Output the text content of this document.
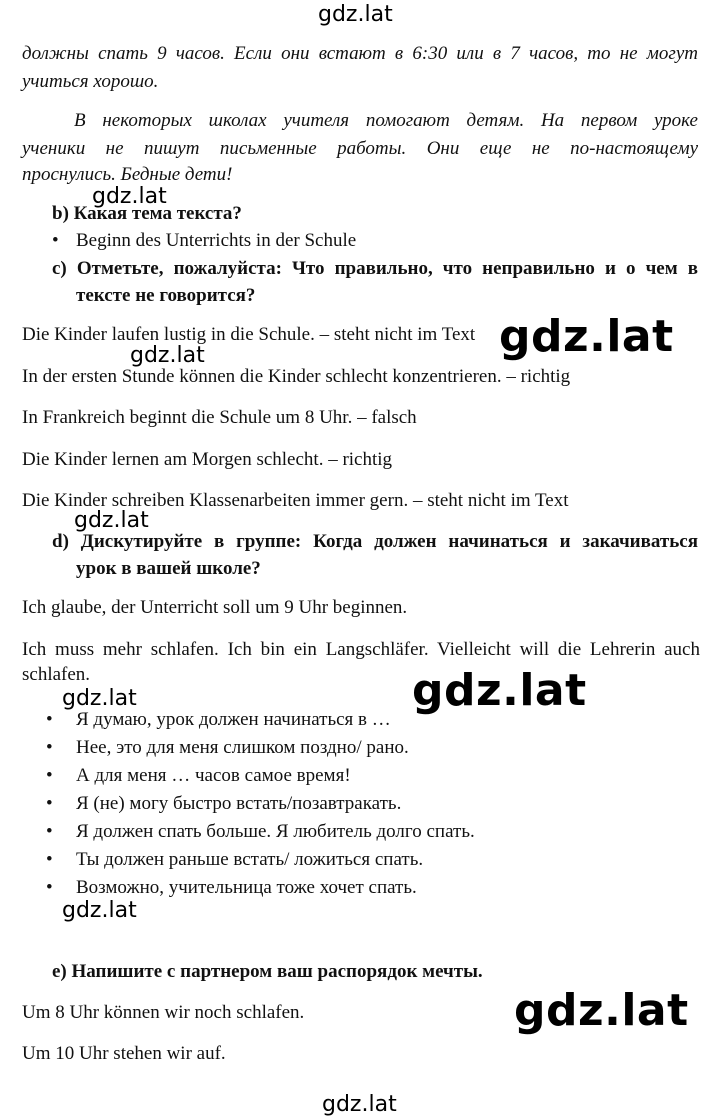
gdz.lat
должны спать 9 часов. Если они встают в 6:30 или в 7 часов, то не могут
учиться хорошо.
В некоторых школах учителя помогают детям. На первом уроке
ученики не пишут письменные работы. Они еще не по-настоящему
проснулись. Бедные дети!
gdz.lat
b) Какая тема текста?
• Beginn des Unterrichts in der Schule
c) Отметьте, пожалуйста: Что правильно, что неправильно и о чем в
тексте не говорится?
Die Kinder laufen lustig in die Schule. – steht nicht im Text gdz.lat
gdz.lat
In der ersten Stunde können die Kinder schlecht konzentrieren. – richtig
In Frankreich beginnt die Schule um 8 Uhr. – falsch
Die Kinder lernen am Morgen schlecht. – richtig
Die Kinder schreiben Klassenarbeiten immer gern. – steht nicht im Text
gdz.lat
d) Дискутируйте в группе: Когда должен начинаться и закачиваться
урок в вашей школе?
Ich glaube, der Unterricht soll um 9 Uhr beginnen.
Ich muss mehr schlafen. Ich bin ein Langschläfer. Vielleicht will die Lehrerin auch
schlafen.	gdz.lat
gdz.lat
• Я думаю, урок должен начинаться в …
• Нее, это для меня слишком поздно/ рано.
• А для меня … часов самое время!
• Я (не) могу быстро встать/позавтракать.
• Я должен спать больше. Я любитель долго спать.
• Ты должен раньше встать/ ложиться спать.
• Возможно, учительница тоже хочет спать.
gdz.lat
e) Напишите с партнером ваш распорядок мечты.
gdz.lat
Um 8 Uhr können wir noch schlafen.
Um 10 Uhr stehen wir auf.
gdz.lat
